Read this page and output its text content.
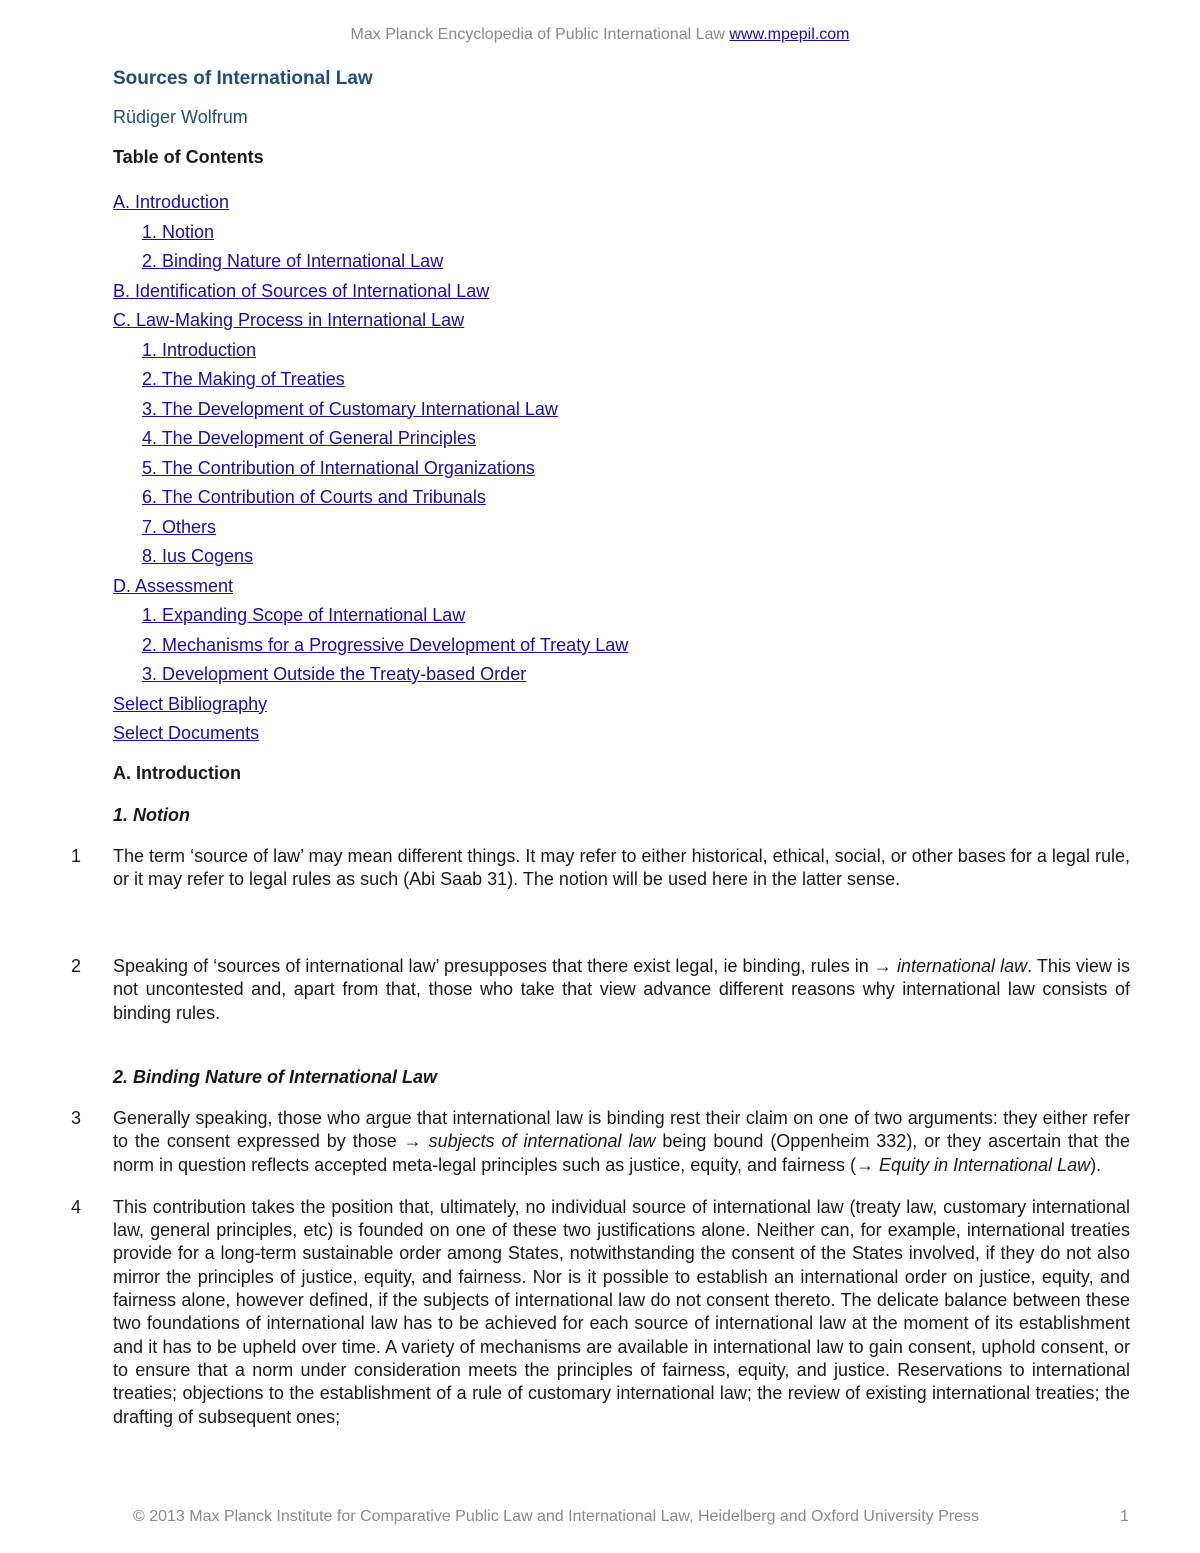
Max Planck Encyclopedia of Public International Law www.mpepil.com
Sources of International Law
Rüdiger Wolfrum
Table of Contents
A. Introduction
1. Notion
2. Binding Nature of International Law
B. Identification of Sources of International Law
C. Law-Making Process in International Law
1. Introduction
2. The Making of Treaties
3. The Development of Customary International Law
4. The Development of General Principles
5. The Contribution of International Organizations
6. The Contribution of Courts and Tribunals
7. Others
8. Ius Cogens
D. Assessment
1. Expanding Scope of International Law
2. Mechanisms for a Progressive Development of Treaty Law
3. Development Outside the Treaty-based Order
Select Bibliography
Select Documents
A. Introduction
1. Notion
1 The term ‘source of law’ may mean different things. It may refer to either historical, ethical, social, or other bases for a legal rule, or it may refer to legal rules as such (Abi Saab 31). The notion will be used here in the latter sense.
2 Speaking of ‘sources of international law’ presupposes that there exist legal, ie binding, rules in → international law. This view is not uncontested and, apart from that, those who take that view advance different reasons why international law consists of binding rules.
2. Binding Nature of International Law
3 Generally speaking, those who argue that international law is binding rest their claim on one of two arguments: they either refer to the consent expressed by those → subjects of international law being bound (Oppenheim 332), or they ascertain that the norm in question reflects accepted meta-legal principles such as justice, equity, and fairness (→ Equity in International Law).
4 This contribution takes the position that, ultimately, no individual source of international law (treaty law, customary international law, general principles, etc) is founded on one of these two justifications alone. Neither can, for example, international treaties provide for a long-term sustainable order among States, notwithstanding the consent of the States involved, if they do not also mirror the principles of justice, equity, and fairness. Nor is it possible to establish an international order on justice, equity, and fairness alone, however defined, if the subjects of international law do not consent thereto. The delicate balance between these two foundations of international law has to be achieved for each source of international law at the moment of its establishment and it has to be upheld over time. A variety of mechanisms are available in international law to gain consent, uphold consent, or to ensure that a norm under consideration meets the principles of fairness, equity, and justice. Reservations to international treaties; objections to the establishment of a rule of customary international law; the review of existing international treaties; the drafting of subsequent ones;
© 2013 Max Planck Institute for Comparative Public Law and International Law, Heidelberg and Oxford University Press	1
